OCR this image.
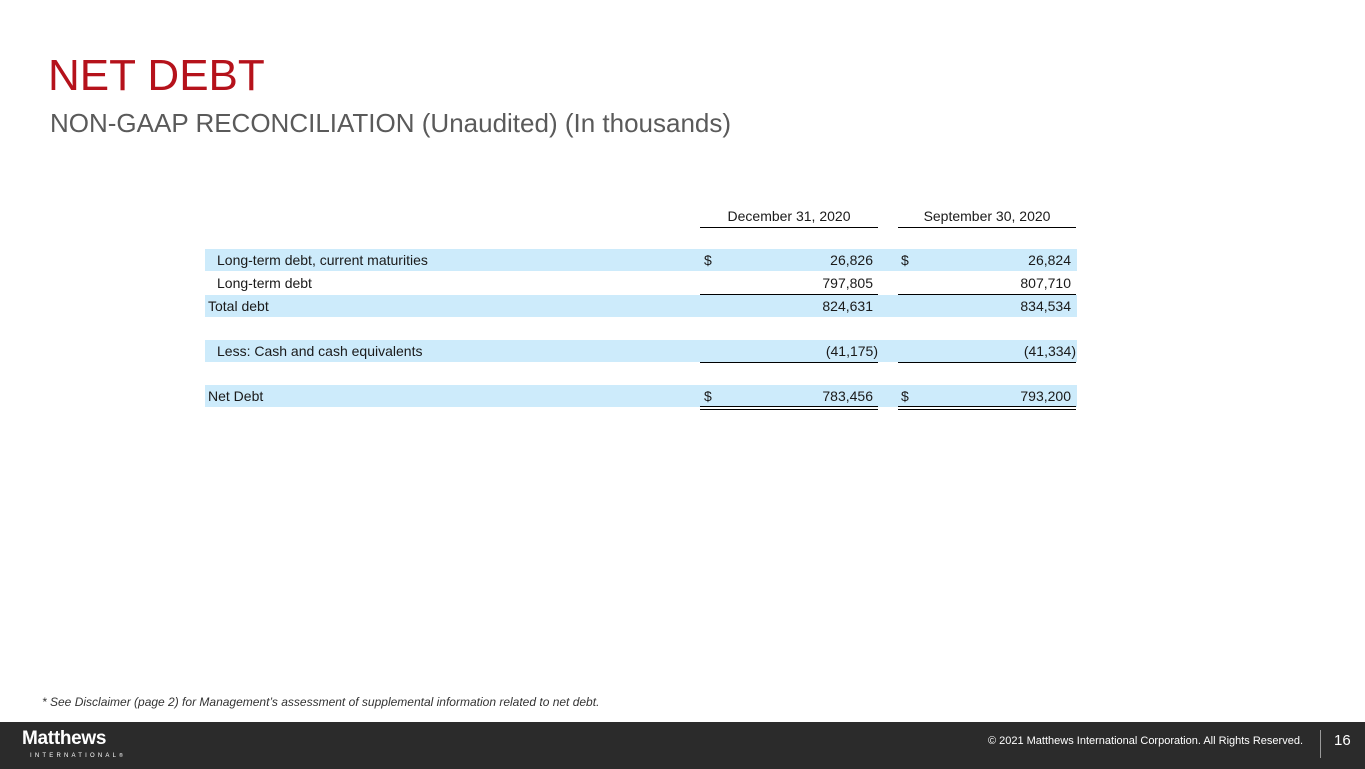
NET DEBT
NON-GAAP RECONCILIATION (Unaudited) (In thousands)
December 31, 2020	September 30, 2020
Long-term debt, current maturities	$	26,826 $	26,824
Long-term debt	797,805	807,710
Total debt	824,631	834,534
Less: Cash and cash equivalents	(41,175)	(41,334)
Net Debt	$	783,456 $	793,200
* See Disclaimer (page 2) for Management’s assessment of supplemental information related to net debt.
Matthews
INTERNATIONAL®
© 2021 Matthews International Corporation. All Rights Reserved. 16
